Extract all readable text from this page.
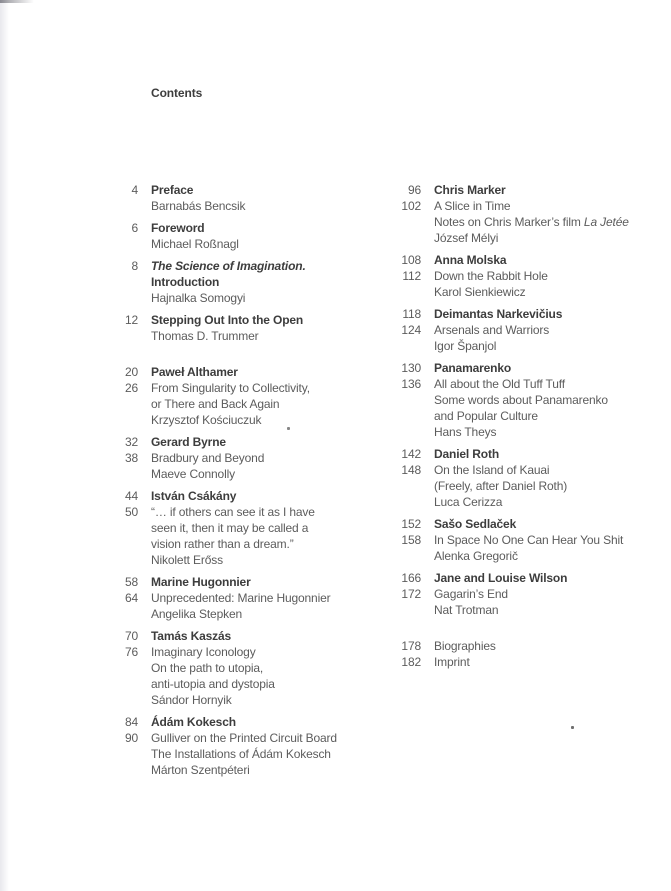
Contents
4 Preface
Barnabás Bencsik
6 Foreword
Michael Roßnagl
8 The Science of Imagination.
Introduction
Hajnalka Somogyi
12 Stepping Out Into the Open
Thomas D. Trummer
20 Paweł Althamer
26 From Singularity to Collectivity,
or There and Back Again
Krzysztof Kościuczuk
32 Gerard Byrne
38 Bradbury and Beyond
Maeve Connolly
44 István Csákány
50 “… if others can see it as I have
seen it, then it may be called a
vision rather than a dream.”
Nikolett Erőss
58 Marine Hugonnier
64 Unprecedented: Marine Hugonnier
Angelika Stepken
70 Tamás Kaszás
76 Imaginary Iconology
On the path to utopia,
anti-utopia and dystopia
Sándor Hornyik
84 Ádám Kokesch
90 Gulliver on the Printed Circuit Board
The Installations of Ádám Kokesch
Márton Szentpéteri
96 Chris Marker
102 A Slice in Time
Notes on Chris Marker’s film La Jetée
József Mélyi
108 Anna Molska
112 Down the Rabbit Hole
Karol Sienkiewicz
118 Deimantas Narkevičius
124 Arsenals and Warriors
Igor Španjol
130 Panamarenko
136 All about the Old Tuff Tuff
Some words about Panamarenko
and Popular Culture
Hans Theys
142 Daniel Roth
148 On the Island of Kauai
(Freely, after Daniel Roth)
Luca Cerizza
152 Sašo Sedlaček
158 In Space No One Can Hear You Shit
Alenka Gregorič
166 Jane and Louise Wilson
172 Gagarin’s End
Nat Trotman
178 Biographies
182 Imprint
